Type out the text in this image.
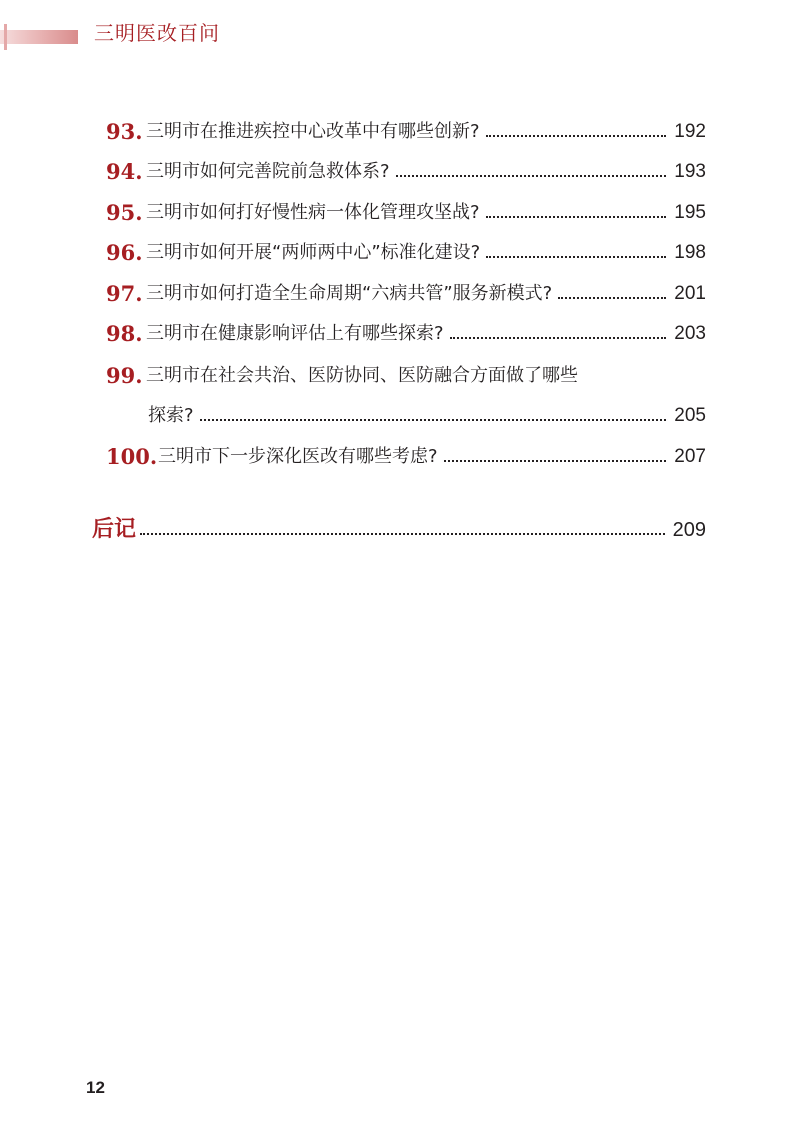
三明医改百问
93. 三明市在推进疾控中心改革中有哪些创新?	192
94. 三明市如何完善院前急救体系?	193
95. 三明市如何打好慢性病一体化管理攻坚战?	195
96. 三明市如何开展“两师两中心”标准化建设?	198
97. 三明市如何打造全生命周期“六病共管”服务新模式?	201
98. 三明市在健康影响评估上有哪些探索?	203
99. 三明市在社会共治、医防协同、医防融合方面做了哪些
探索?	205
100. 三明市下一步深化医改有哪些考虑?	207
后记	209
12
